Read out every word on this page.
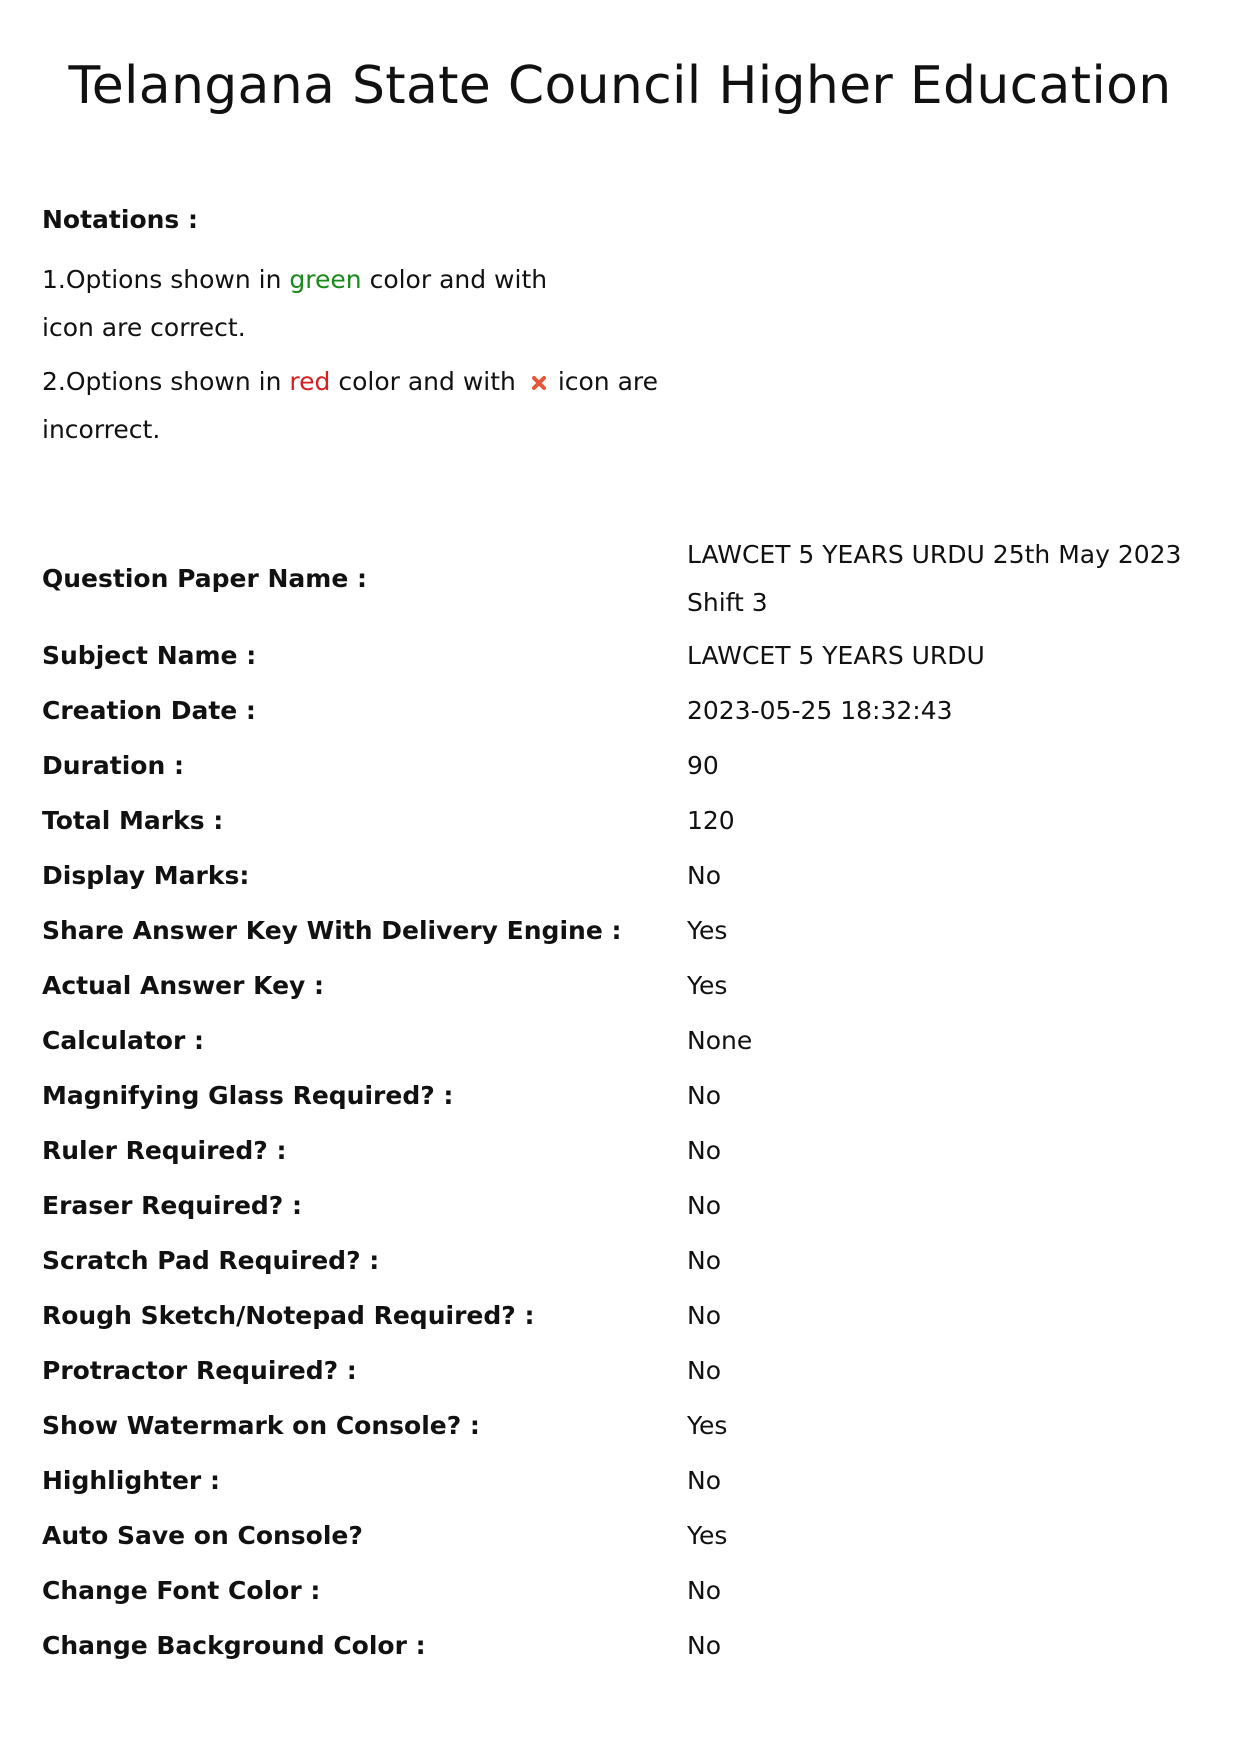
Telangana State Council Higher Education

Notations :

1.Options shown in green color and with icon are correct.

2.Options shown in red color and with icon are incorrect.

Question Paper Name :
LAWCET 5 YEARS URDU 25th May 2023 Shift 3
Subject Name :	LAWCET 5 YEARS URDU
Creation Date :	2023-05-25 18:32:43
Duration :	90
Total Marks :	120
Display Marks:	No
Share Answer Key With Delivery Engine :	Yes
Actual Answer Key :	Yes
Calculator :	None
Magnifying Glass Required? :	No
Ruler Required? :	No
Eraser Required? :	No
Scratch Pad Required? :	No
Rough Sketch/Notepad Required? :	No
Protractor Required? :	No
Show Watermark on Console? :	Yes
Highlighter :	No
Auto Save on Console?	Yes
Change Font Color :	No
Change Background Color :	No
